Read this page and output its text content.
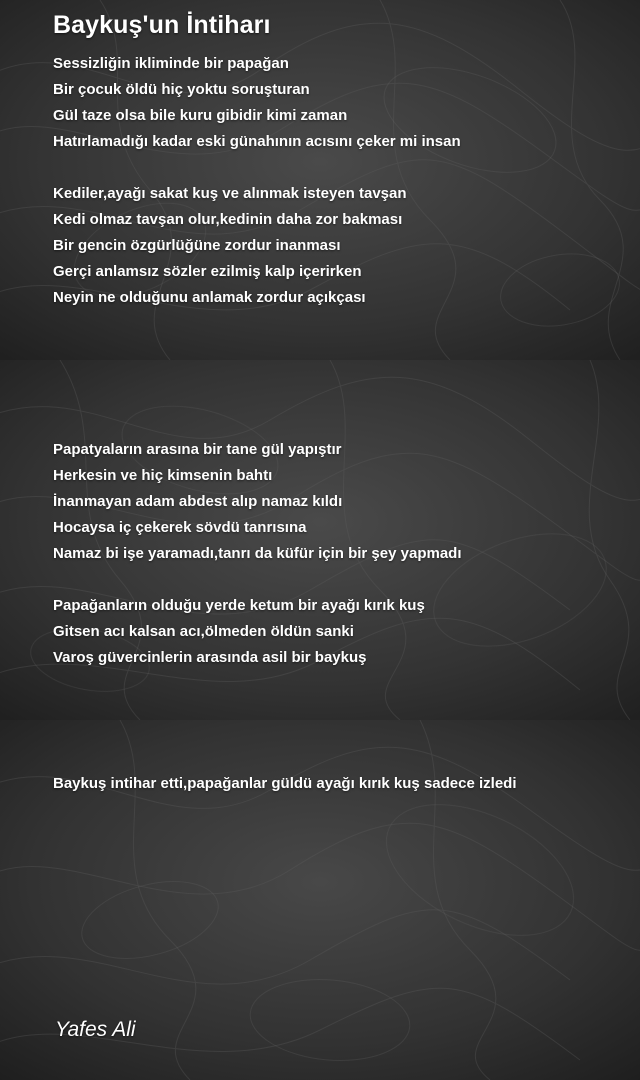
Baykuş'un İntiharı
Sessizliğin ikliminde bir papağan
Bir çocuk öldü hiç yoktu soruşturan
Gül taze olsa bile kuru gibidir kimi zaman
Hatırlamadığı kadar eski günahının acısını çeker mi insan
Kediler,ayağı sakat kuş ve alınmak isteyen tavşan
Kedi olmaz tavşan olur,kedinin daha zor bakması
Bir gencin özgürlüğüne zordur inanması
Gerçi anlamsız sözler ezilmiş kalp içerirken
Neyin ne olduğunu anlamak zordur açıkçası
Papatyaların arasına bir tane gül yapıştır
Herkesin ve hiç kimsenin bahtı
İnanmayan adam abdest alıp namaz kıldı
Hocaysa iç çekerek sövdü tanrısına
Namaz bi işe yaramadı,tanrı da küfür için bir şey yapmadı
Papağanların olduğu yerde ketum bir ayağı kırık kuş
Gitsen acı kalsan acı,ölmeden öldün sanki
Varoş güvercinlerin arasında asil bir baykuş
Baykuş intihar etti,papağanlar güldü ayağı kırık kuş sadece izledi

Yafes Ali
